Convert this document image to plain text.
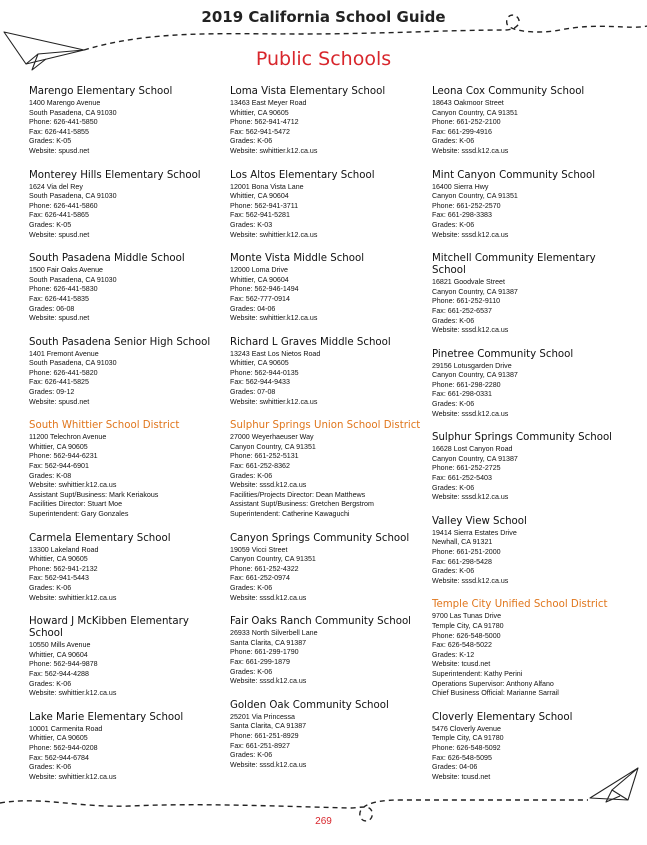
2019 California School Guide
Public Schools
Marengo Elementary School
1400 Marengo Avenue
South Pasadena, CA 91030
Phone: 626-441-5850
Fax: 626-441-5855
Grades: K-05
Website: spusd.net
Monterey Hills Elementary School
1624 Via del Rey
South Pasadena, CA 91030
Phone: 626-441-5860
Fax: 626-441-5865
Grades: K-05
Website: spusd.net
South Pasadena Middle School
1500 Fair Oaks Avenue
South Pasadena, CA 91030
Phone: 626-441-5830
Fax: 626-441-5835
Grades: 06-08
Website: spusd.net
South Pasadena Senior High School
1401 Fremont Avenue
South Pasadena, CA 91030
Phone: 626-441-5820
Fax: 626-441-5825
Grades: 09-12
Website: spusd.net
South Whittier School District
11200 Telechron Avenue
Whittier, CA 90605
Phone: 562-944-6231
Fax: 562-944-6901
Grades: K-08
Website: swhittier.k12.ca.us
Assistant Supt/Business: Mark Keriakous
Facilities Director: Stuart Moe
Superintendent: Gary Gonzales
Carmela Elementary School
13300 Lakeland Road
Whittier, CA 90605
Phone: 562-941-2132
Fax: 562-941-5443
Grades: K-06
Website: swhittier.k12.ca.us
Howard J McKibben Elementary School
10550 Mills Avenue
Whittier, CA 90604
Phone: 562-944-9878
Fax: 562-944-4288
Grades: K-06
Website: swhittier.k12.ca.us
Lake Marie Elementary School
10001 Carmenita Road
Whittier, CA 90605
Phone: 562-944-0208
Fax: 562-944-6784
Grades: K-06
Website: swhittier.k12.ca.us
Loma Vista Elementary School
13463 East Meyer Road
Whittier, CA 90605
Phone: 562-941-4712
Fax: 562-941-5472
Grades: K-06
Website: swhittier.k12.ca.us
Los Altos Elementary School
12001 Bona Vista Lane
Whittier, CA 90604
Phone: 562-941-3711
Fax: 562-941-5281
Grades: K-03
Website: swhittier.k12.ca.us
Monte Vista Middle School
12000 Loma Drive
Whittier, CA 90604
Phone: 562-946-1494
Fax: 562-777-0914
Grades: 04-06
Website: swhittier.k12.ca.us
Richard L Graves Middle School
13243 East Los Nietos Road
Whittier, CA 90605
Phone: 562-944-0135
Fax: 562-944-9433
Grades: 07-08
Website: swhittier.k12.ca.us
Sulphur Springs Union School District
27000 Weyerhaeuser Way
Canyon Country, CA 91351
Phone: 661-252-5131
Fax: 661-252-8362
Grades: K-06
Website: sssd.k12.ca.us
Facilities/Projects Director: Dean Matthews
Assistant Supt/Business: Gretchen Bergstrom
Superintendent: Catherine Kawaguchi
Canyon Springs Community School
19059 Vicci Street
Canyon Country, CA 91351
Phone: 661-252-4322
Fax: 661-252-0974
Grades: K-06
Website: sssd.k12.ca.us
Fair Oaks Ranch Community School
26933 North Silverbell Lane
Santa Clarita, CA 91387
Phone: 661-299-1790
Fax: 661-299-1879
Grades: K-06
Website: sssd.k12.ca.us
Golden Oak Community School
25201 Via Princessa
Santa Clarita, CA 91387
Phone: 661-251-8929
Fax: 661-251-8927
Grades: K-06
Website: sssd.k12.ca.us
Leona Cox Community School
18643 Oakmoor Street
Canyon Country, CA 91351
Phone: 661-252-2100
Fax: 661-299-4916
Grades: K-06
Website: sssd.k12.ca.us
Mint Canyon Community School
16400 Sierra Hwy
Canyon Country, CA 91351
Phone: 661-252-2570
Fax: 661-298-3383
Grades: K-06
Website: sssd.k12.ca.us
Mitchell Community Elementary School
16821 Goodvale Street
Canyon Country, CA 91387
Phone: 661-252-9110
Fax: 661-252-6537
Grades: K-06
Website: sssd.k12.ca.us
Pinetree Community School
29156 Lotusgarden Drive
Canyon Country, CA 91387
Phone: 661-298-2280
Fax: 661-298-0331
Grades: K-06
Website: sssd.k12.ca.us
Sulphur Springs Community School
16628 Lost Canyon Road
Canyon Country, CA 91387
Phone: 661-252-2725
Fax: 661-252-5403
Grades: K-06
Website: sssd.k12.ca.us
Valley View School
19414 Sierra Estates Drive
Newhall, CA 91321
Phone: 661-251-2000
Fax: 661-298-5428
Grades: K-06
Website: sssd.k12.ca.us
Temple City Unified School District
9700 Las Tunas Drive
Temple City, CA 91780
Phone: 626-548-5000
Fax: 626-548-5022
Grades: K-12
Website: tcusd.net
Superintendent: Kathy Perini
Operations Supervisor: Anthony Alfano
Chief Business Official: Marianne Sarrail
Cloverly Elementary School
5476 Cloverly Avenue
Temple City, CA 91780
Phone: 626-548-5092
Fax: 626-548-5095
Grades: 04-06
Website: tcusd.net
269
